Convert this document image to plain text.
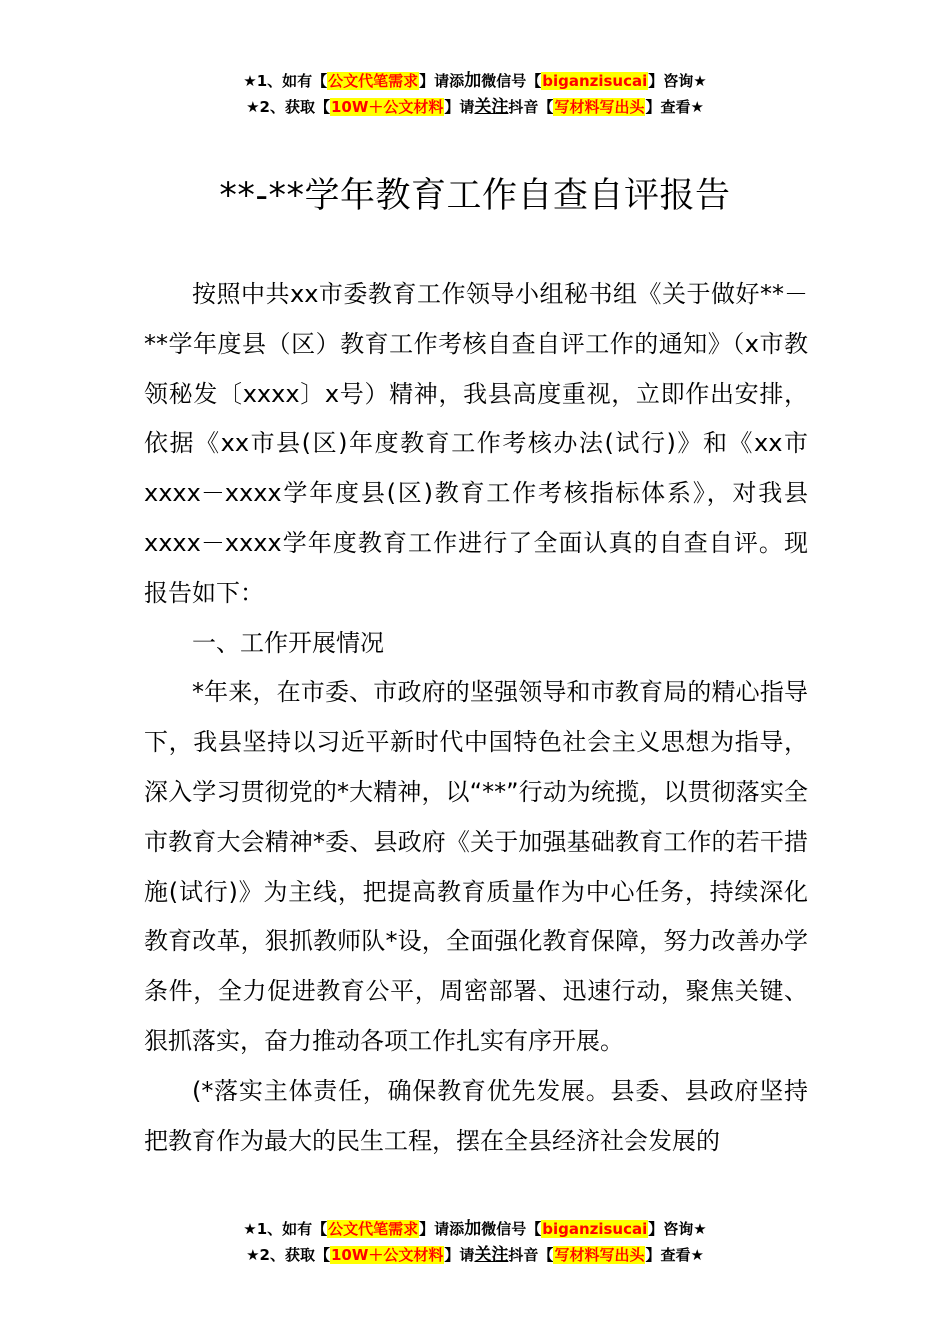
★1、如有【公文代笔需求】请添加微信号【biganzisucai】咨询★
★2、获取【10W＋公文材料】请关注抖音【写材料写出头】查看★
**-**学年教育工作自查自评报告

按照中共xx市委教育工作领导小组秘书组《关于做好**－**学年度县（区）教育工作考核自查自评工作的通知》（x市教领秘发〔xxxx〕x号）精神，我县高度重视，立即作出安排，依据《xx市县(区)年度教育工作考核办法(试行)》和《xx市xxxx－xxxx学年度县(区)教育工作考核指标体系》，对我县xxxx－xxxx学年度教育工作进行了全面认真的自查自评。现报告如下：

一、工作开展情况

*年来，在市委、市政府的坚强领导和市教育局的精心指导下，我县坚持以习近平新时代中国特色社会主义思想为指导，深入学习贯彻党的*大精神，以“**”行动为统揽，以贯彻落实全市教育大会精神*委、县政府《关于加强基础教育工作的若干措施(试行)》为主线，把提高教育质量作为中心任务，持续深化教育改革，狠抓教师队*设，全面强化教育保障，努力改善办学条件，全力促进教育公平，周密部署、迅速行动，聚焦关键、狠抓落实，奋力推动各项工作扎实有序开展。

(*落实主体责任，确保教育优先发展。县委、县政府坚持把教育作为最大的民生工程，摆在全县经济社会发展的

★1、如有【公文代笔需求】请添加微信号【biganzisucai】咨询★
★2、获取【10W＋公文材料】请关注抖音【写材料写出头】查看★
